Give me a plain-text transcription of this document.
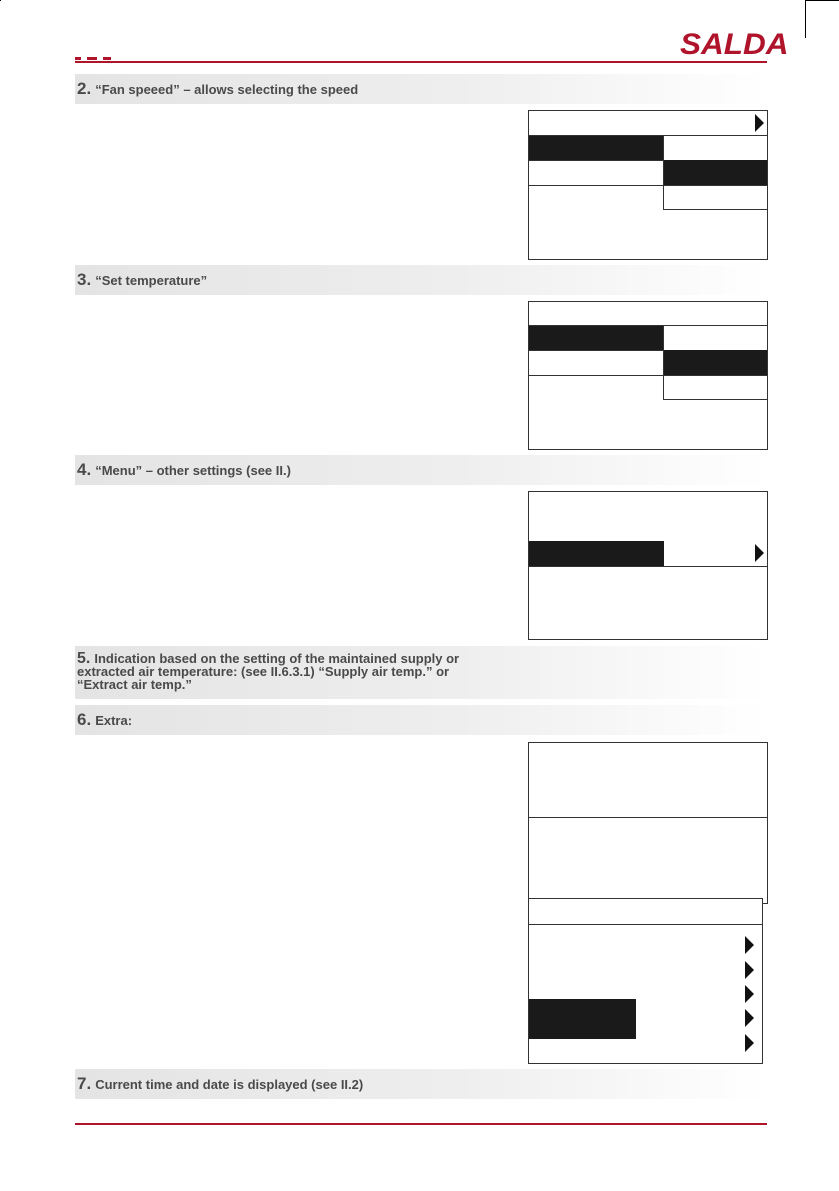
SALDA
2. “Fan speeed” – allows selecting the speed
3. “Set temperature”
4. “Menu” – other settings (see II.)
5. Indication based on the setting of the maintained supply or
extracted air temperature: (see II.6.3.1) “Supply air temp.” or
“Extract air temp.”
6. Extra:
7. Current time and date is displayed (see II.2)
